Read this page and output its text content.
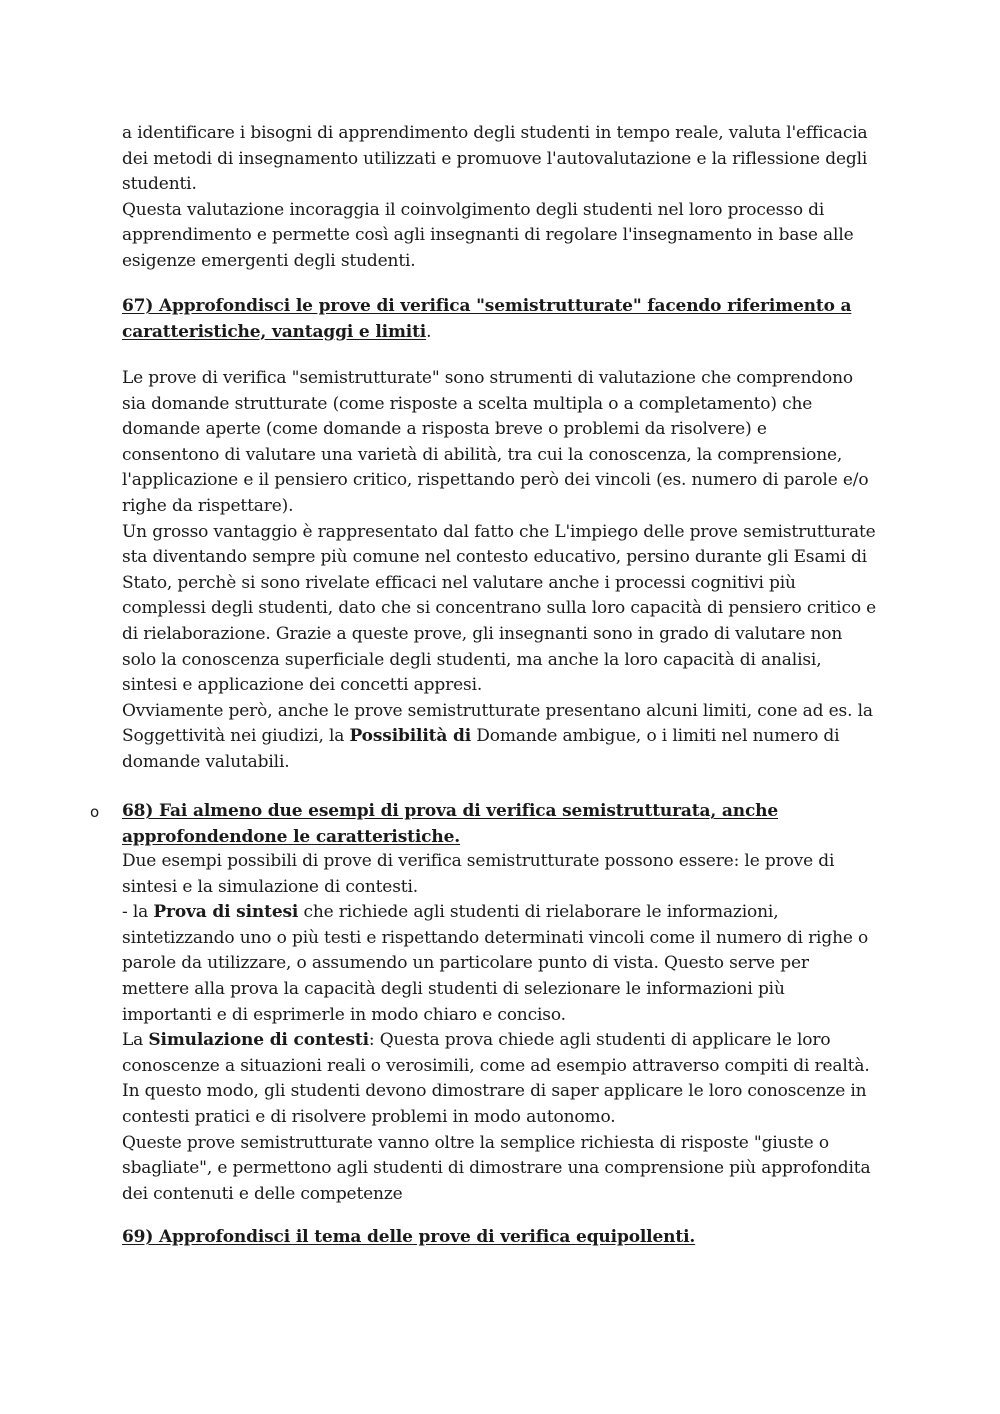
a identificare i bisogni di apprendimento degli studenti in tempo reale, valuta l'efficacia
dei metodi di insegnamento utilizzati e promuove l'autovalutazione e la riflessione degli
studenti.
Questa valutazione incoraggia il coinvolgimento degli studenti nel loro processo di
apprendimento e permette così agli insegnanti di regolare l'insegnamento in base alle
esigenze emergenti degli studenti.
67) Approfondisci le prove di verifica "semistrutturate" facendo riferimento a
caratteristiche, vantaggi e limiti.
Le prove di verifica "semistrutturate" sono strumenti di valutazione che comprendono
sia domande strutturate (come risposte a scelta multipla o a completamento) che
domande aperte (come domande a risposta breve o problemi da risolvere) e
consentono di valutare una varietà di abilità, tra cui la conoscenza, la comprensione,
l'applicazione e il pensiero critico, rispettando però dei vincoli (es. numero di parole e/o
righe da rispettare).
Un grosso vantaggio è rappresentato dal fatto che L'impiego delle prove semistrutturate
sta diventando sempre più comune nel contesto educativo, persino durante gli Esami di
Stato, perchè si sono rivelate efficaci nel valutare anche i processi cognitivi più
complessi degli studenti, dato che si concentrano sulla loro capacità di pensiero critico e
di rielaborazione. Grazie a queste prove, gli insegnanti sono in grado di valutare non
solo la conoscenza superficiale degli studenti, ma anche la loro capacità di analisi,
sintesi e applicazione dei concetti appresi.
Ovviamente però, anche le prove semistrutturate presentano alcuni limiti, cone ad es. la
Soggettività nei giudizi, la Possibilità di Domande ambigue, o i limiti nel numero di
domande valutabili.
o 68) Fai almeno due esempi di prova di verifica semistrutturata, anche
approfondendone le caratteristiche.
Due esempi possibili di prove di verifica semistrutturate possono essere: le prove di
sintesi e la simulazione di contesti.
- la Prova di sintesi che richiede agli studenti di rielaborare le informazioni,
sintetizzando uno o più testi e rispettando determinati vincoli come il numero di righe o
parole da utilizzare, o assumendo un particolare punto di vista. Questo serve per
mettere alla prova la capacità degli studenti di selezionare le informazioni più
importanti e di esprimerle in modo chiaro e conciso.
La Simulazione di contesti: Questa prova chiede agli studenti di applicare le loro
conoscenze a situazioni reali o verosimili, come ad esempio attraverso compiti di realtà.
In questo modo, gli studenti devono dimostrare di saper applicare le loro conoscenze in
contesti pratici e di risolvere problemi in modo autonomo.
Queste prove semistrutturate vanno oltre la semplice richiesta di risposte "giuste o
sbagliate", e permettono agli studenti di dimostrare una comprensione più approfondita
dei contenuti e delle competenze
69) Approfondisci il tema delle prove di verifica equipollenti.
